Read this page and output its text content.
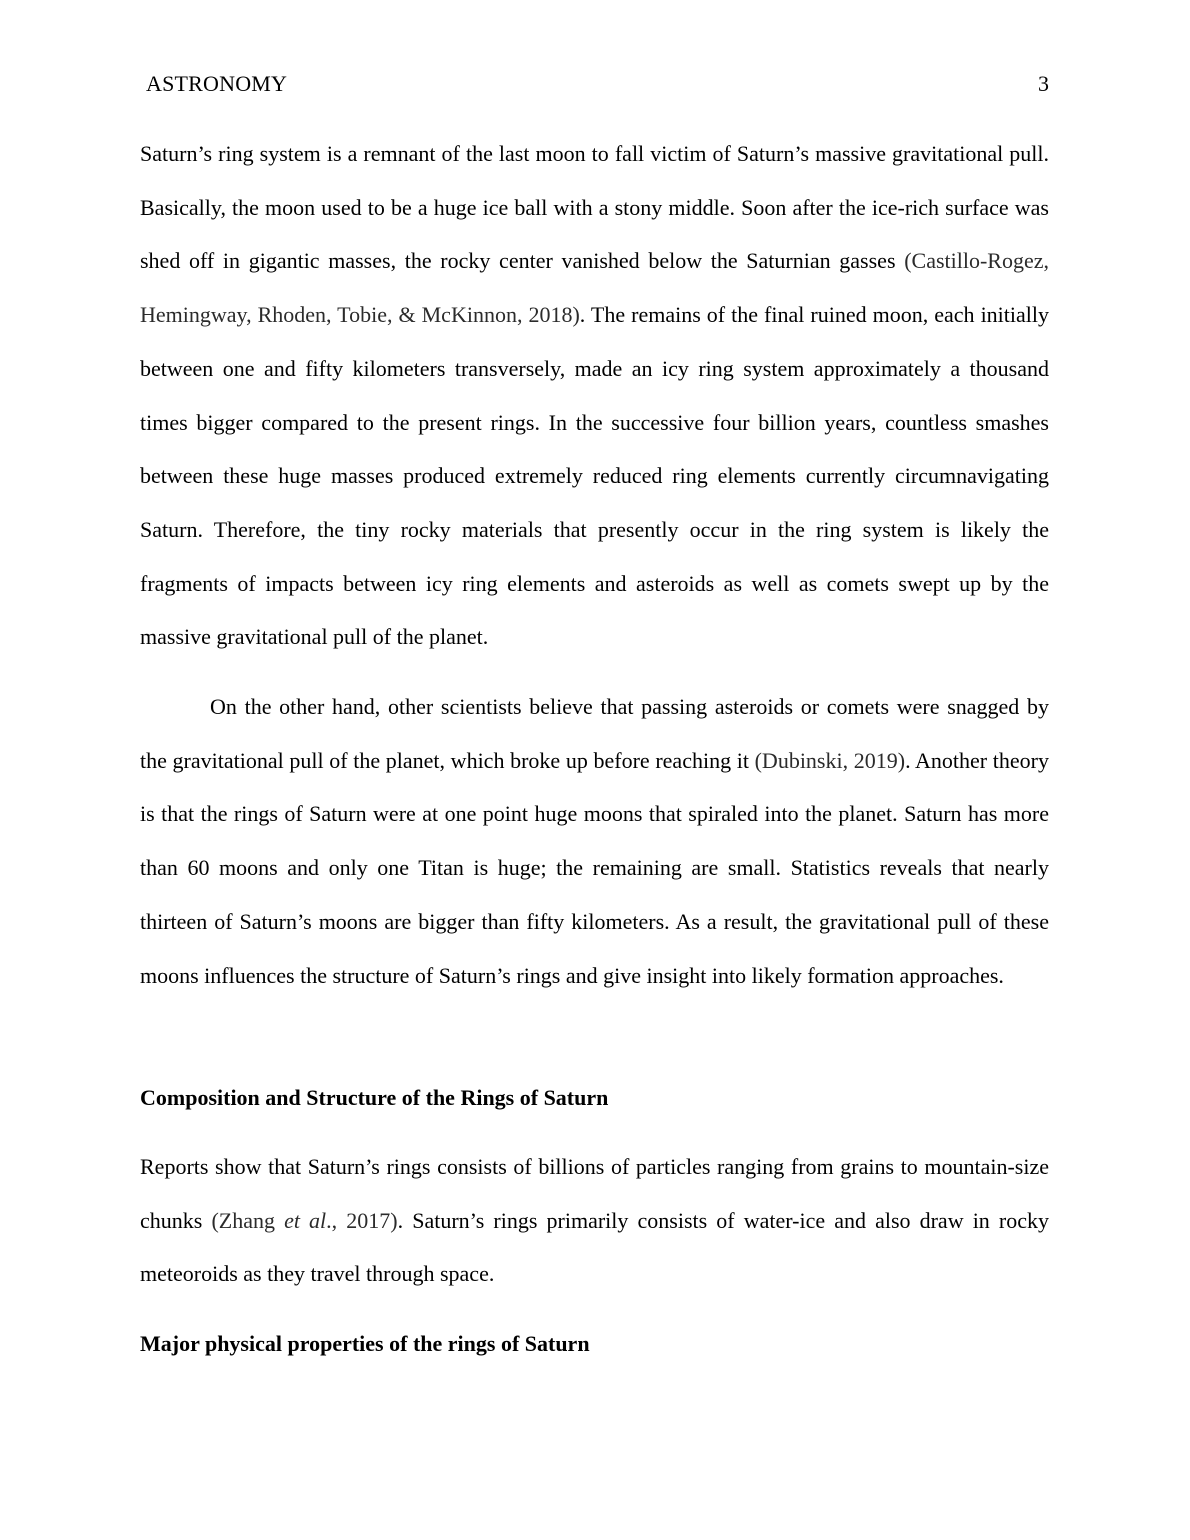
ASTRONOMY	3

Saturn’s ring system is a remnant of the last moon to fall victim of Saturn’s massive gravitational pull. Basically, the moon used to be a huge ice ball with a stony middle. Soon after the ice-rich surface was shed off in gigantic masses, the rocky center vanished below the Saturnian gasses (Castillo-Rogez, Hemingway, Rhoden, Tobie, & McKinnon, 2018). The remains of the final ruined moon, each initially between one and fifty kilometers transversely, made an icy ring system approximately a thousand times bigger compared to the present rings. In the successive four billion years, countless smashes between these huge masses produced extremely reduced ring elements currently circumnavigating Saturn. Therefore, the tiny rocky materials that presently occur in the ring system is likely the fragments of impacts between icy ring elements and asteroids as well as comets swept up by the massive gravitational pull of the planet.

On the other hand, other scientists believe that passing asteroids or comets were snagged by the gravitational pull of the planet, which broke up before reaching it (Dubinski, 2019). Another theory is that the rings of Saturn were at one point huge moons that spiraled into the planet. Saturn has more than 60 moons and only one Titan is huge; the remaining are small. Statistics reveals that nearly thirteen of Saturn’s moons are bigger than fifty kilometers. As a result, the gravitational pull of these moons influences the structure of Saturn’s rings and give insight into likely formation approaches.

Composition and Structure of the Rings of Saturn

Reports show that Saturn’s rings consists of billions of particles ranging from grains to mountain-size chunks (Zhang et al., 2017). Saturn’s rings primarily consists of water-ice and also draw in rocky meteoroids as they travel through space.

Major physical properties of the rings of Saturn
